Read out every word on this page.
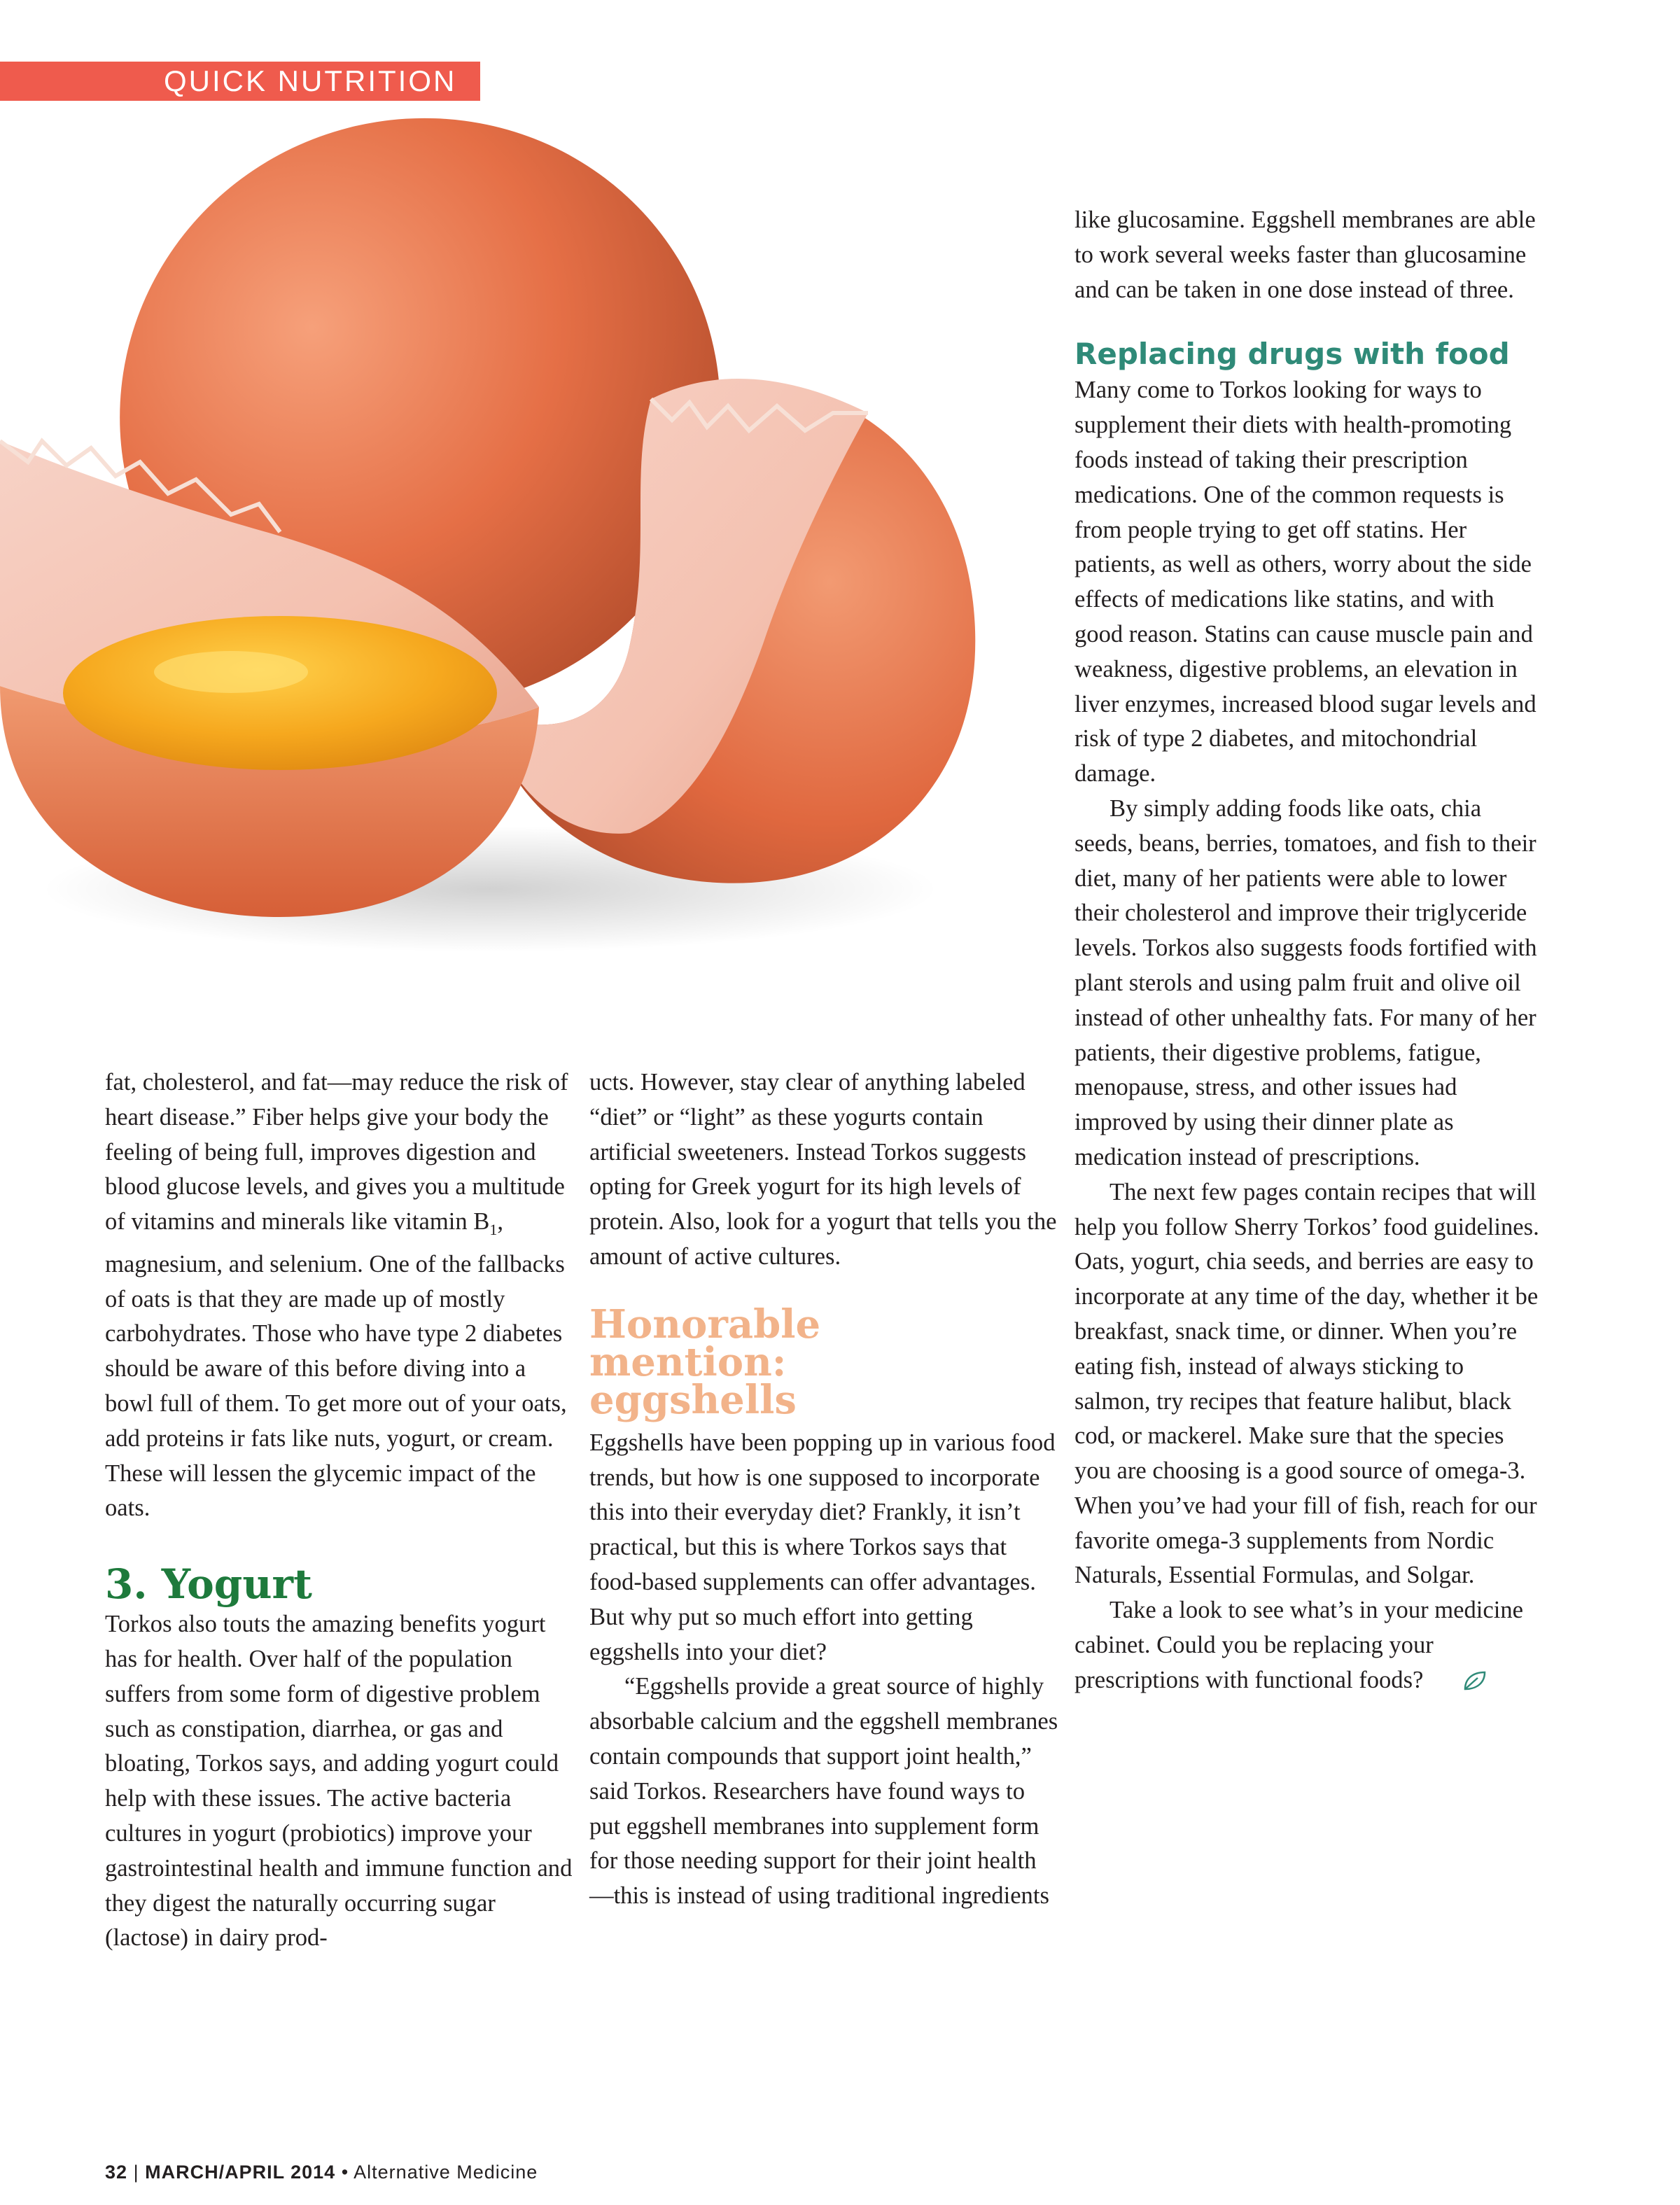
QUICK NUTRITION

fat, cholesterol, and fat—may reduce the risk of heart disease.” Fiber helps give your body the feeling of being full, improves digestion and blood glucose levels, and gives you a multitude of vitamins and minerals like vitamin $B_1$, magnesium, and selenium. One of the fallbacks of oats is that they are made up of mostly carbohydrates. Those who have type 2 diabetes should be aware of this before diving into a bowl full of them. To get more out of your oats, add proteins ir fats like nuts, yogurt, or cream. These will lessen the glycemic impact of the oats.

3. Yogurt

Torkos also touts the amazing benefits yogurt has for health. Over half of the population suffers from some form of digestive problem such as constipation, diarrhea, or gas and bloating, Torkos says, and adding yogurt could help with these issues. The active bacteria cultures in yogurt (probiotics) improve your gastrointestinal health and immune function and they digest the naturally occurring sugar (lactose) in dairy prod-

ucts. However, stay clear of anything labeled “diet” or “light” as these yogurts contain artificial sweeteners. Instead Torkos suggests opting for Greek yogurt for its high levels of protein. Also, look for a yogurt that tells you the amount of active cultures.

Honorable mention: eggshells

Eggshells have been popping up in various food trends, but how is one supposed to incorporate this into their everyday diet? Frankly, it isn’t practical, but this is where Torkos says that food-based supplements can offer advantages. But why put so much effort into getting eggshells into your diet?

“Eggshells provide a great source of highly absorbable calcium and the eggshell membranes contain compounds that support joint health,” said Torkos. Researchers have found ways to put eggshell membranes into supplement form for those needing support for their joint health—this is instead of using traditional ingredients

like glucosamine. Eggshell membranes are able to work several weeks faster than glucosamine and can be taken in one dose instead of three.

Replacing drugs with food

Many come to Torkos looking for ways to supplement their diets with health-promoting foods instead of taking their prescription medications. One of the common requests is from people trying to get off statins. Her patients, as well as others, worry about the side effects of medications like statins, and with good reason. Statins can cause muscle pain and weakness, digestive problems, an elevation in liver enzymes, increased blood sugar levels and risk of type 2 diabetes, and mitochondrial damage.

By simply adding foods like oats, chia seeds, beans, berries, tomatoes, and fish to their diet, many of her patients were able to lower their cholesterol and improve their triglyceride levels. Torkos also suggests foods fortified with plant sterols and using palm fruit and olive oil instead of other unhealthy fats. For many of her patients, their digestive problems, fatigue, menopause, stress, and other issues had improved by using their dinner plate as medication instead of prescriptions.

The next few pages contain recipes that will help you follow Sherry Torkos’ food guidelines. Oats, yogurt, chia seeds, and berries are easy to incorporate at any time of the day, whether it be breakfast, snack time, or dinner. When you’re eating fish, instead of always sticking to salmon, try recipes that feature halibut, black cod, or mackerel. Make sure that the species you are choosing is a good source of omega-3. When you’ve had your fill of fish, reach for our favorite omega-3 supplements from Nordic Naturals, Essential Formulas, and Solgar.

Take a look to see what’s in your medicine cabinet. Could you be replacing your prescriptions with functional foods?

32 | MARCH/APRIL 2014 • Alternative Medicine
